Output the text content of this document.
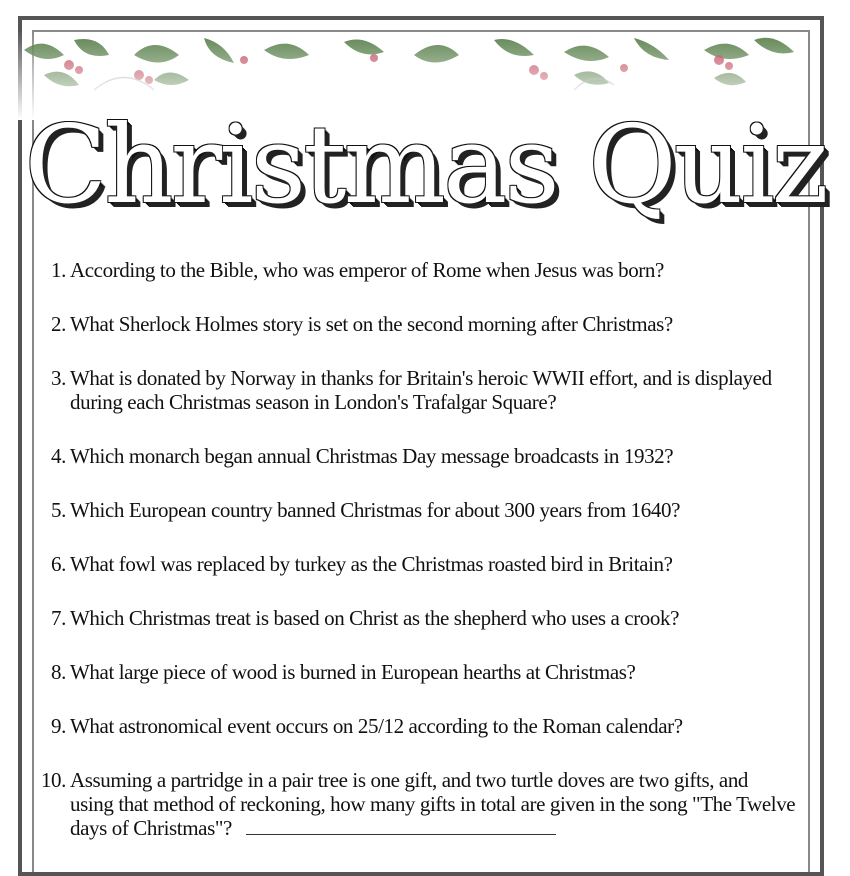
Christmas Quiz
1. According to the Bible, who was emperor of Rome when Jesus was born?
2. What Sherlock Holmes story is set on the second morning after Christmas?
3. What is donated by Norway in thanks for Britain's heroic WWII effort, and is displayed during each Christmas season in London's Trafalgar Square?
4. Which monarch began annual Christmas Day message broadcasts in 1932?
5. Which European country banned Christmas for about 300 years from 1640?
6. What fowl was replaced by turkey as the Christmas roasted bird in Britain?
7. Which Christmas treat is based on Christ as the shepherd who uses a crook?
8. What large piece of wood is burned in European hearths at Christmas?
9. What astronomical event occurs on 25/12 according to the Roman calendar?
10. Assuming a partridge in a pair tree is one gift, and two turtle doves are two gifts, and using that method of reckoning, how many gifts in total are given in the song "The Twelve days of Christmas"?
